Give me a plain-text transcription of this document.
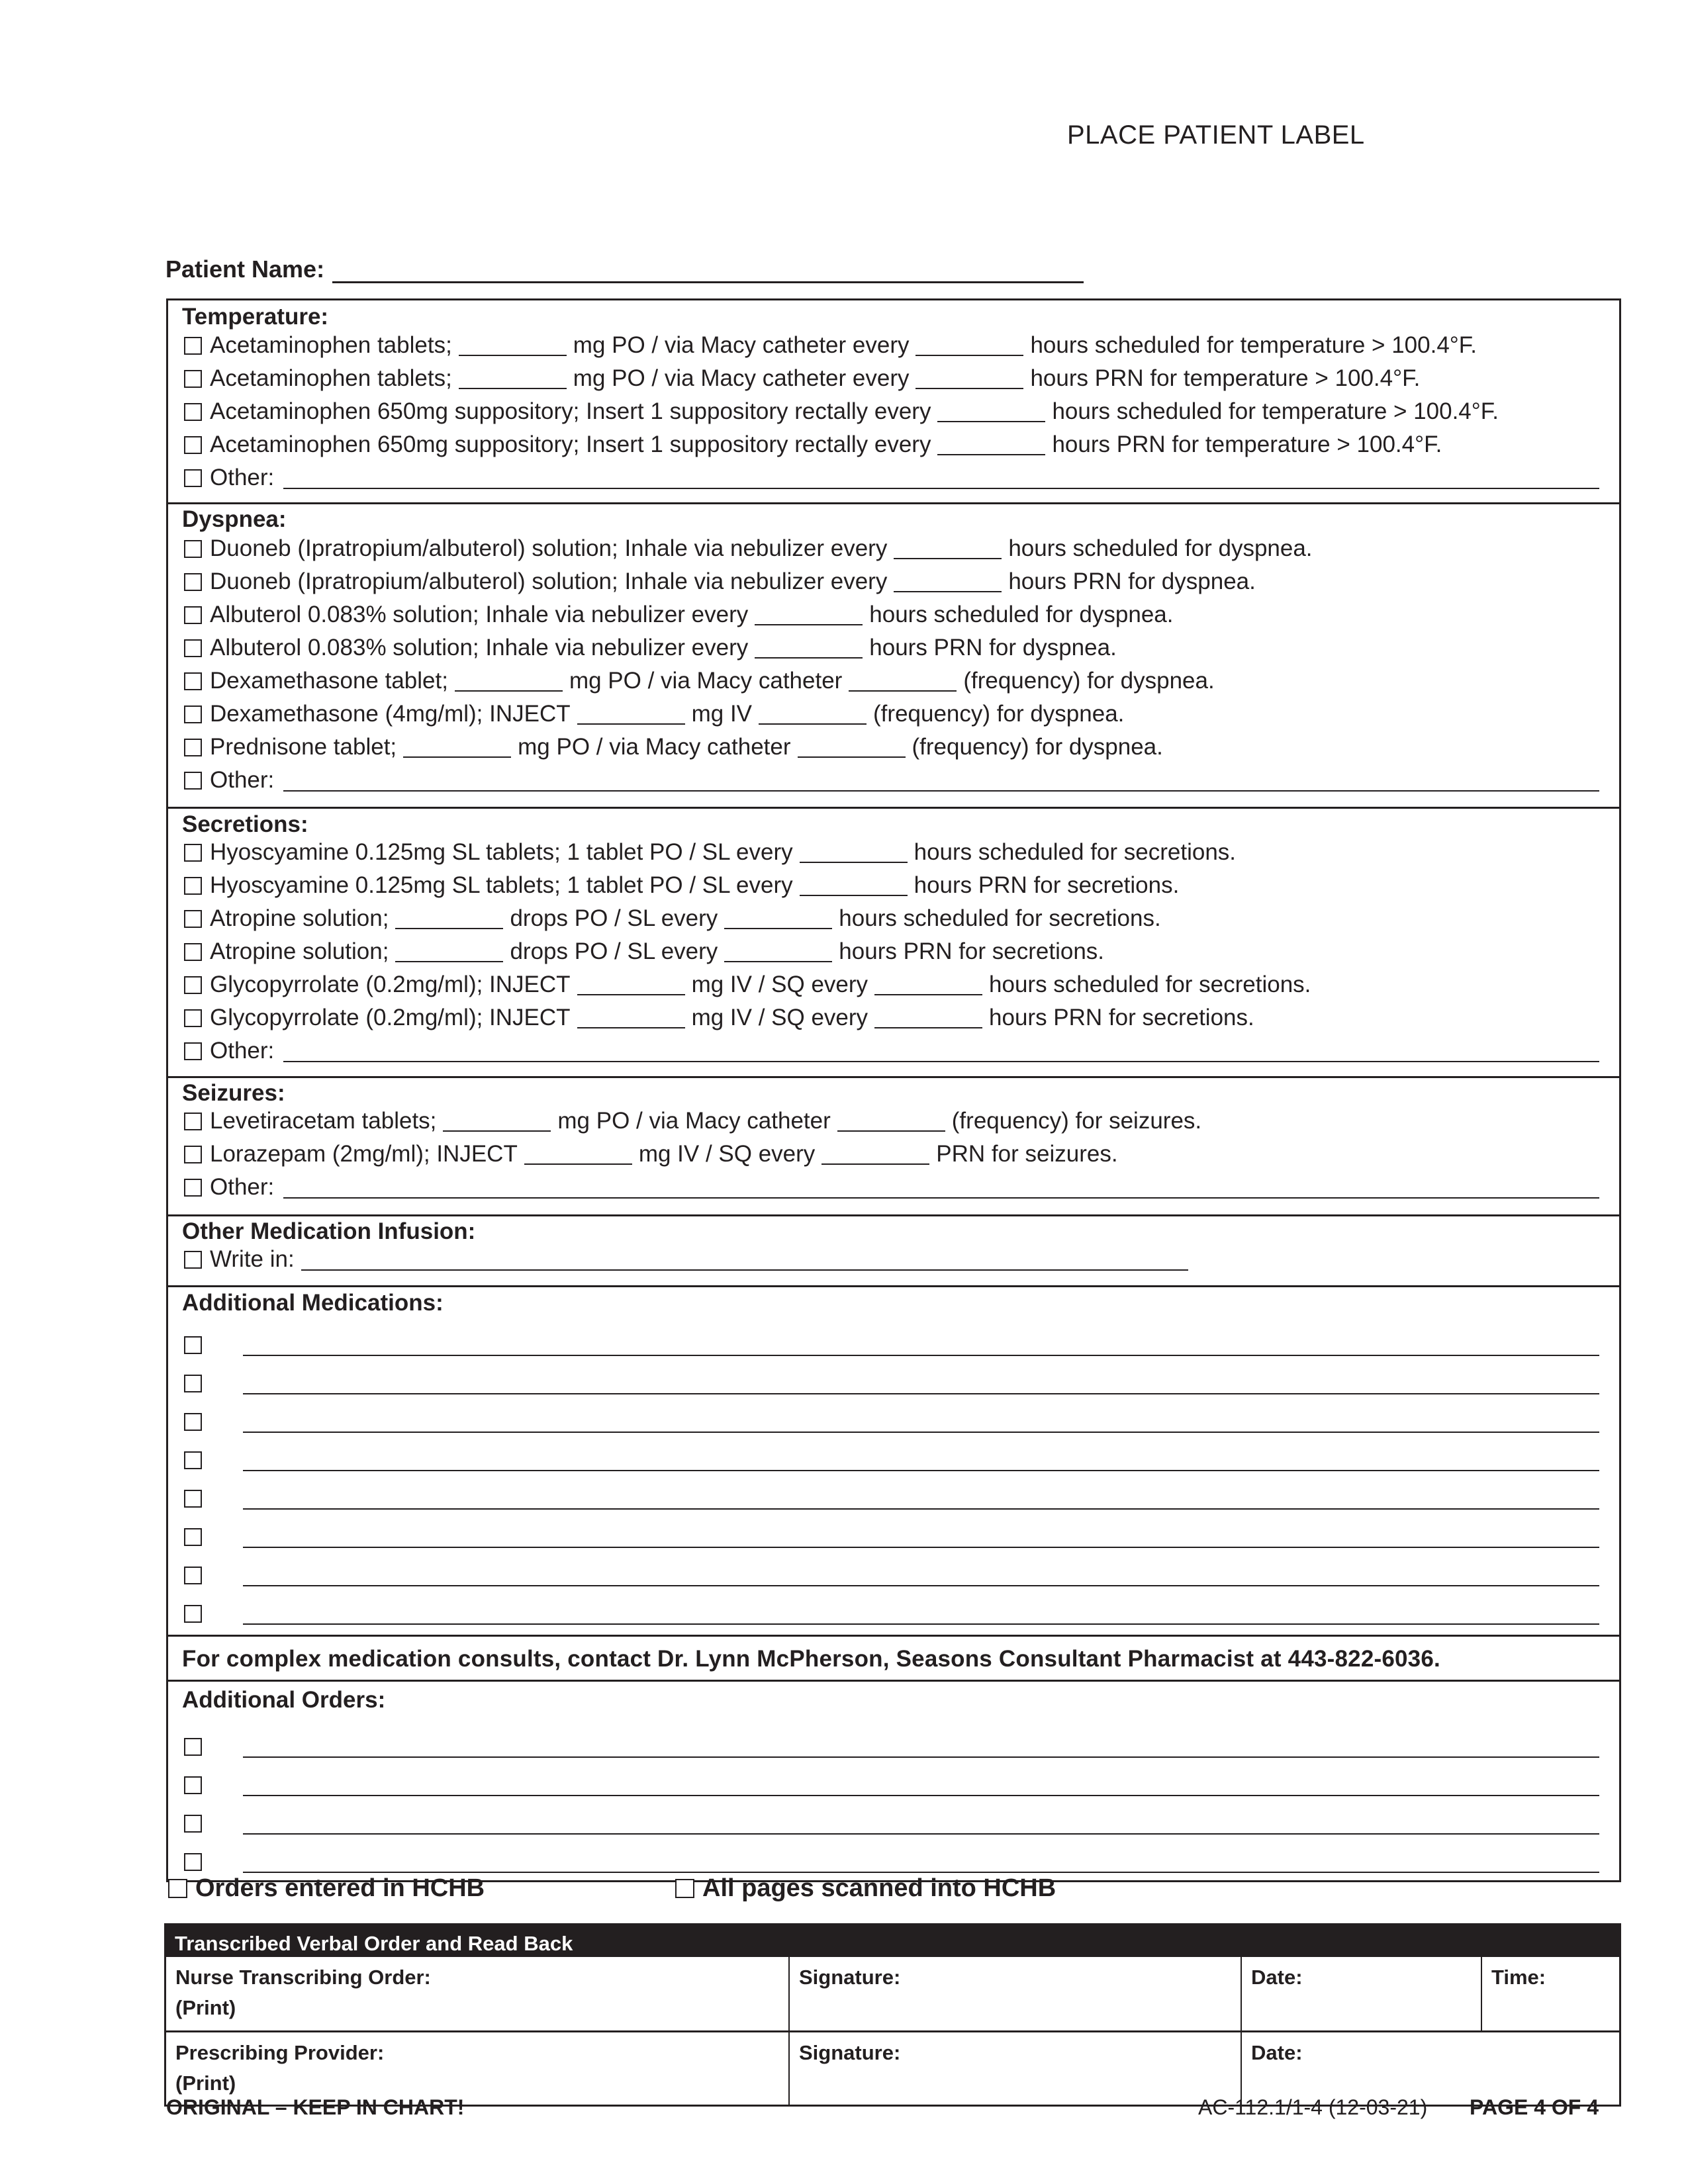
PLACE PATIENT LABEL
Patient Name:
Temperature:
Acetaminophen tablets;	mg PO / via Macy catheter every	hours scheduled for temperature > 100.4°F.
Acetaminophen tablets;	mg PO / via Macy catheter every	hours PRN for temperature > 100.4°F.
Acetaminophen 650mg suppository; Insert 1 suppository rectally every	hours scheduled for temperature > 100.4°F.
Acetaminophen 650mg suppository; Insert 1 suppository rectally every	hours PRN for temperature > 100.4°F.
Other:
Dyspnea:
Duoneb (Ipratropium/albuterol) solution; Inhale via nebulizer every	hours scheduled for dyspnea.
Duoneb (Ipratropium/albuterol) solution; Inhale via nebulizer every	hours PRN for dyspnea.
Albuterol 0.083% solution; Inhale via nebulizer every	hours scheduled for dyspnea.
Albuterol 0.083% solution; Inhale via nebulizer every	hours PRN for dyspnea.
Dexamethasone tablet;	mg PO / via Macy catheter	(frequency) for dyspnea.
Dexamethasone (4mg/ml); INJECT	mg IV	(frequency) for dyspnea.
Prednisone tablet;	mg PO / via Macy catheter	(frequency) for dyspnea.
Other:
Secretions:
Hyoscyamine 0.125mg SL tablets; 1 tablet PO / SL every	hours scheduled for secretions.
Hyoscyamine 0.125mg SL tablets; 1 tablet PO / SL every	hours PRN for secretions.
Atropine solution;	drops PO / SL every	hours scheduled for secretions.
Atropine solution;	drops PO / SL every	hours PRN for secretions.
Glycopyrrolate (0.2mg/ml); INJECT	mg IV / SQ every	hours scheduled for secretions.
Glycopyrrolate (0.2mg/ml); INJECT	mg IV / SQ every	hours PRN for secretions.
Other:
Seizures:
Levetiracetam tablets;	mg PO / via Macy catheter	(frequency) for seizures.
Lorazepam (2mg/ml); INJECT	mg IV / SQ every	PRN for seizures.
Other:
Other Medication Infusion:
Write in:
Additional Medications:
For complex medication consults, contact Dr. Lynn McPherson, Seasons Consultant Pharmacist at 443-822-6036.
Additional Orders:
Orders entered in HCHB	All pages scanned into HCHB
Transcribed Verbal Order and Read Back
Nurse Transcribing Order:
(Print)
Signature:	Date:	Time:
Prescribing Provider:
(Print)
Signature:	Date:
ORIGINAL – KEEP IN CHART!	AC-112.1/1-4 (12-03-21) PAGE 4 OF 4
